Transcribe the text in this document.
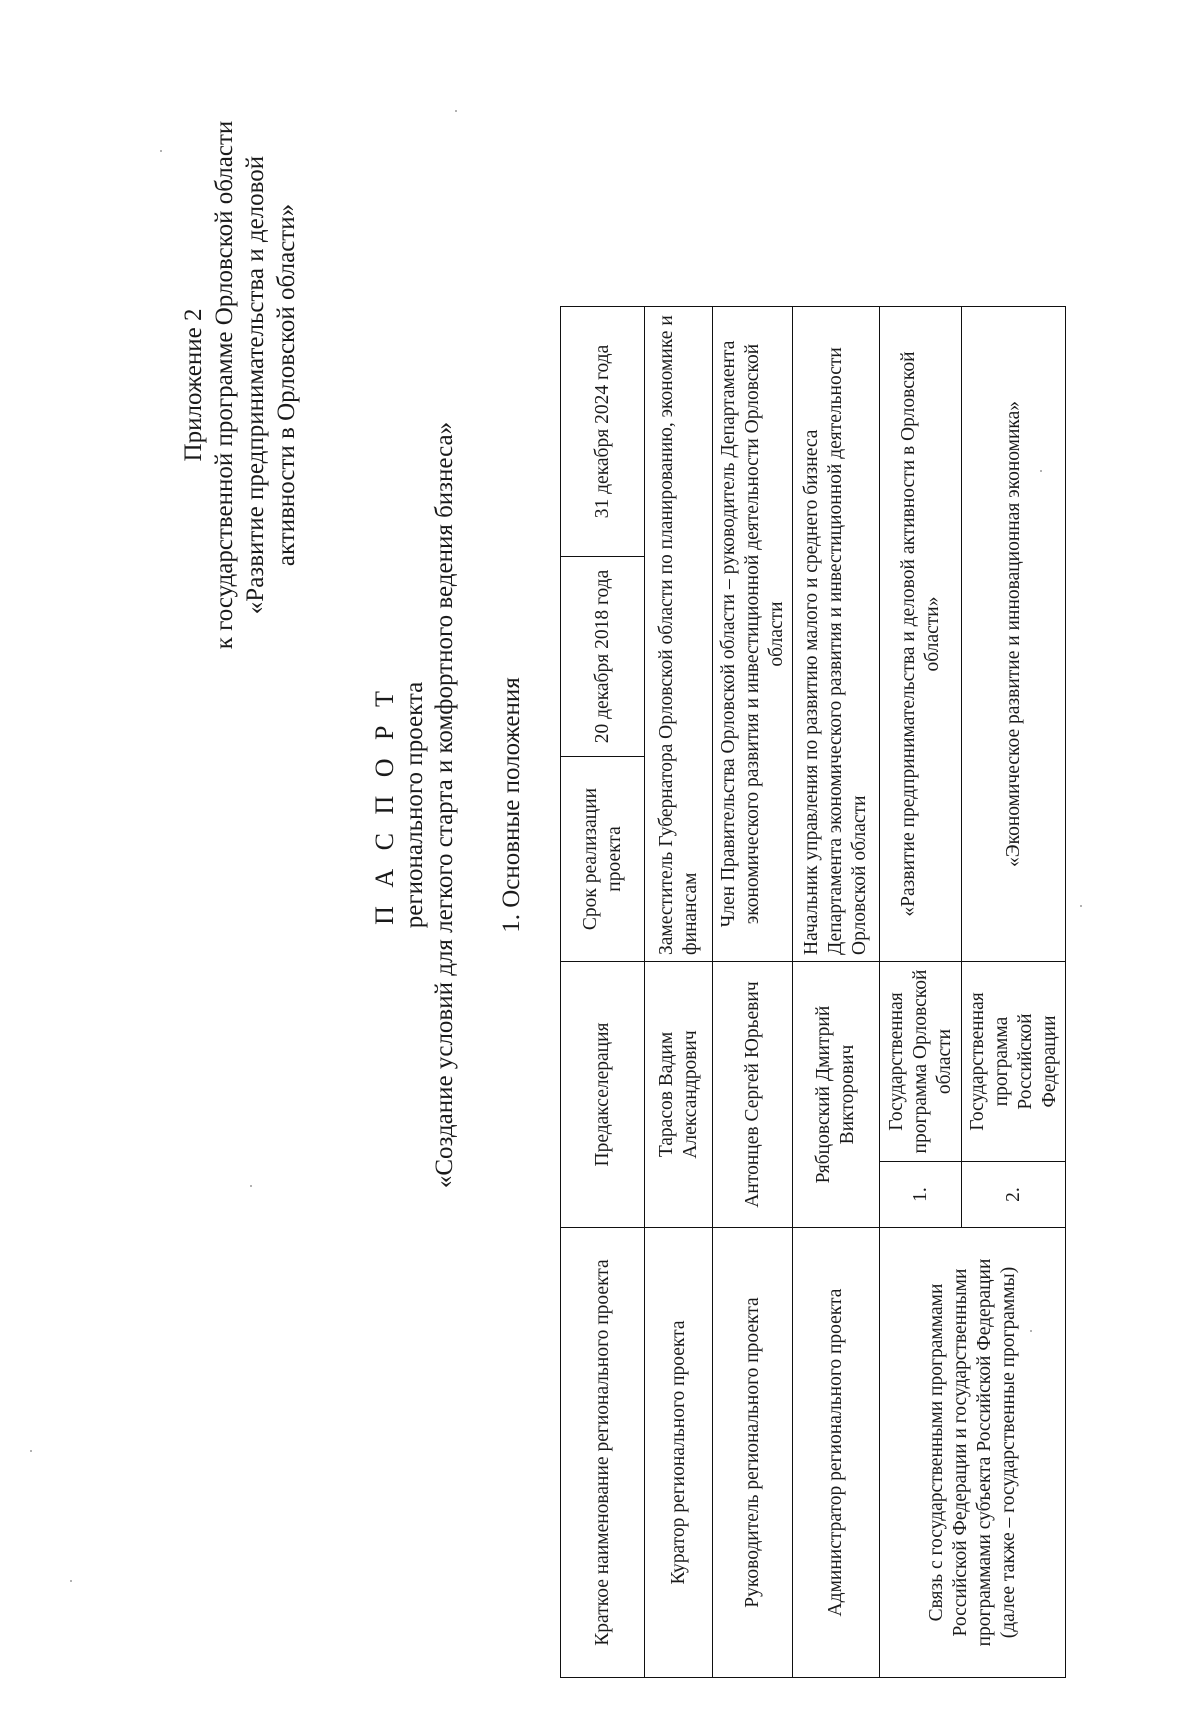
Приложение 2 к государственной программе Орловской области «Развитие предпринимательства и деловой активности в Орловской области»
П А С П О Р Т регионального проекта «Создание условий для легкого старта и комфортного ведения бизнеса» 1. Основные положения
Краткое наименование регионального проекта	Предакселерация		Срок реализации проекта	20 декабря 2018 года	31 декабря 2024 года
Куратор регионального проекта	Тарасов Вадим Александрович		Заместитель Губернатора Орловской области по планированию, экономике и финансам		
Руководитель регионального проекта	Антонцев Сергей Юрьевич		Член Правительства Орловской области – руководитель Департамента экономического развития и инвестиционной деятельности Орловской области		
Администратор регионального проекта	Рябцовский Дмитрий Викторович		Начальник управления по развитию малого и среднего бизнеса Департамента экономического развития и инвестиционной деятельности Орловской области		
Связь с государственными программами Российской Федерации и государственными программами субъекта Российской Федерации (далее также – государственные программы)	1.	Государственная программа Орловской области	«Развитие предпринимательства и деловой активности в Орловской области»		
	2.	Государственная программа Российской Федерации	«Экономическое развитие и инновационная экономика»		
